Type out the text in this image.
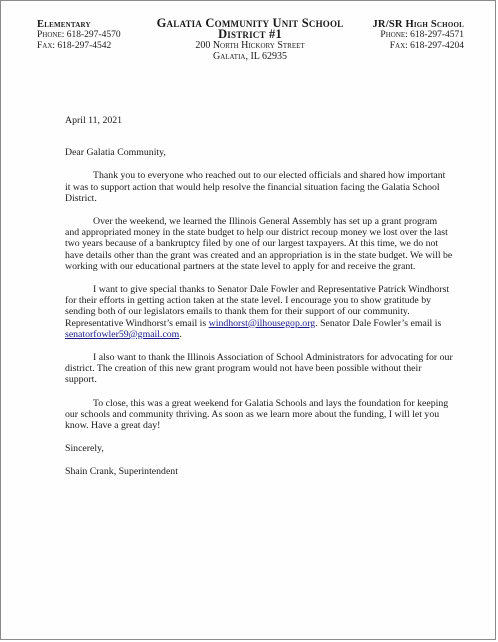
Elementary
Phone: 618-297-4570
Fax: 618-297-4542
Galatia Community Unit School District #1
200 North Hickory Street
Galatia, IL 62935
JR/SR High School
Phone: 618-297-4571
Fax: 618-297-4204

April 11, 2021

Dear Galatia Community,

Thank you to everyone who reached out to our elected officials and shared how important it was to support action that would help resolve the financial situation facing the Galatia School District.

Over the weekend, we learned the Illinois General Assembly has set up a grant program and appropriated money in the state budget to help our district recoup money we lost over the last two years because of a bankruptcy filed by one of our largest taxpayers. At this time, we do not have details other than the grant was created and an appropriation is in the state budget. We will be working with our educational partners at the state level to apply for and receive the grant.

I want to give special thanks to Senator Dale Fowler and Representative Patrick Windhorst for their efforts in getting action taken at the state level. I encourage you to show gratitude by sending both of our legislators emails to thank them for their support of our community. Representative Windhorst’s email is windhorst@ilhousegop.org. Senator Dale Fowler’s email is senatorfowler59@gmail.com.

I also want to thank the Illinois Association of School Administrators for advocating for our district. The creation of this new grant program would not have been possible without their support.

To close, this was a great weekend for Galatia Schools and lays the foundation for keeping our schools and community thriving. As soon as we learn more about the funding, I will let you know. Have a great day!

Sincerely,

Shain Crank, Superintendent
